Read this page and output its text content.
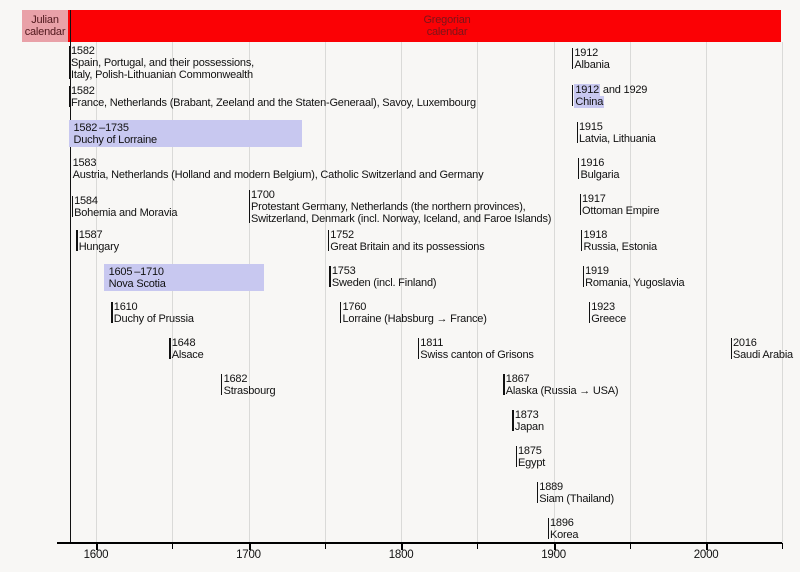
Julian calendar
Gregorian calendar
1600	1700	1800	1900	2000
1582
Spain, Portugal, and their possessions,
Italy, Polish-Lithuanian Commonwealth
1582
France, Netherlands (Brabant, Zeeland and the Staten-Generaal), Savoy, Luxembourg
1582 –1735
Duchy of Lorraine
1583
Austria, Netherlands (Holland and modern Belgium), Catholic Switzerland and Germany
1584
Bohemia and Moravia
1700
Protestant Germany, Netherlands (the northern provinces),
Switzerland, Denmark (incl. Norway, Iceland, and Faroe Islands)
1587
Hungary
1752
Great Britain and its possessions
1605 –1710
Nova Scotia
1753
Sweden (incl. Finland)
1610
Duchy of Prussia
1760
Lorraine (Habsburg → France)
1648
Alsace
1811
Swiss canton of Grisons
1682
Strasbourg
1867
Alaska (Russia → USA)
1873
Japan
1875
Egypt
1889
Siam (Thailand)
1896
Korea
1912
Albania
1912 and 1929
China
1915
Latvia, Lithuania
1916
Bulgaria
1917
Ottoman Empire
1918
Russia, Estonia
1919
Romania, Yugoslavia
1923
Greece
2016
Saudi Arabia
